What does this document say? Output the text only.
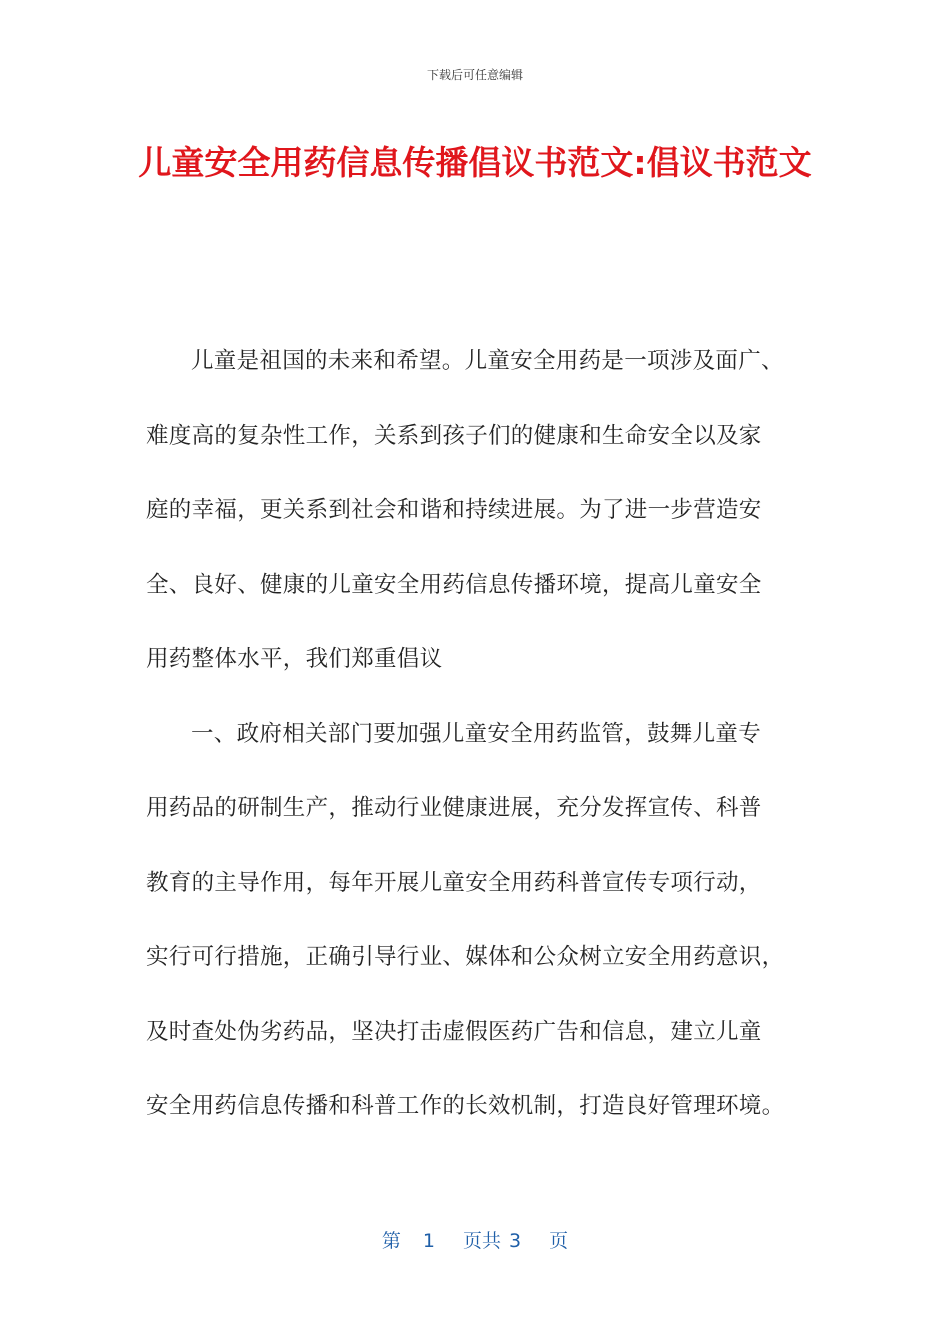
下载后可任意编辑
儿童安全用药信息传播倡议书范文:倡议书范文
儿童是祖国的未来和希望。儿童安全用药是一项涉及面广、
难度高的复杂性工作，关系到孩子们的健康和生命安全以及家
庭的幸福，更关系到社会和谐和持续进展。为了进一步营造安
全、良好、健康的儿童安全用药信息传播环境，提高儿童安全
用药整体水平，我们郑重倡议
一、政府相关部门要加强儿童安全用药监管，鼓舞儿童专
用药品的研制生产，推动行业健康进展，充分发挥宣传、科普
教育的主导作用，每年开展儿童安全用药科普宣传专项行动，
实行可行措施，正确引导行业、媒体和公众树立安全用药意识，
及时查处伪劣药品，坚决打击虚假医药广告和信息，建立儿童
安全用药信息传播和科普工作的长效机制，打造良好管理环境。
第 1 页共 3 页
